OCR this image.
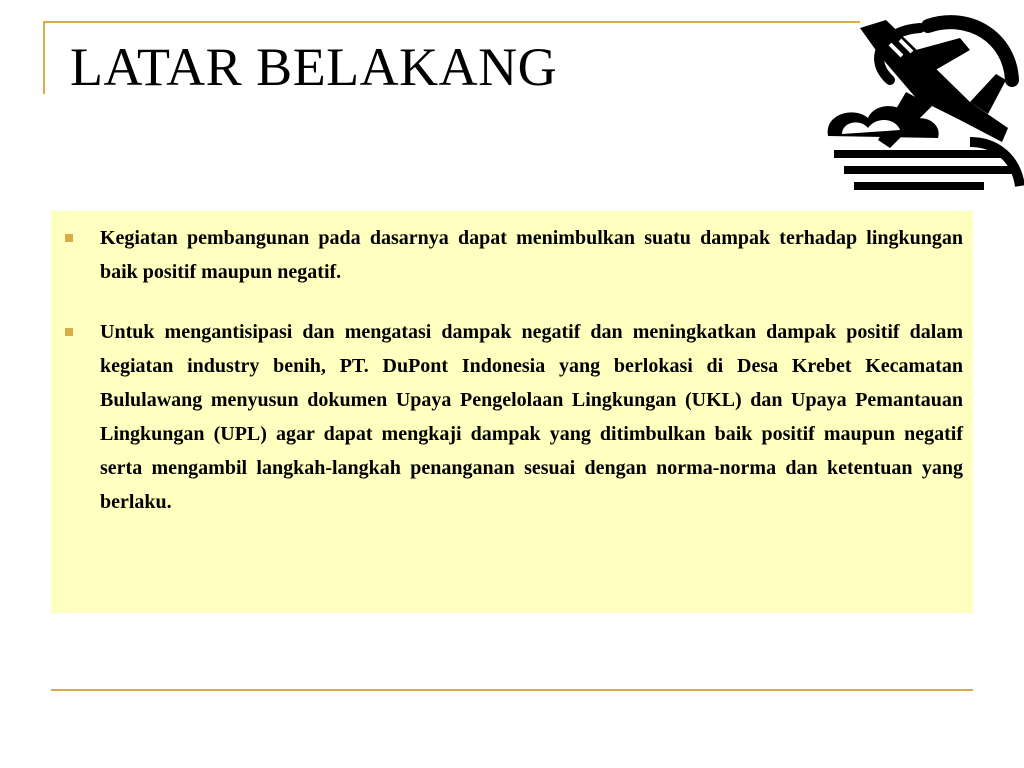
LATAR BELAKANG
Kegiatan pembangunan pada dasarnya dapat menimbulkan suatu dampak terhadap lingkungan baik positif maupun negatif.
Untuk mengantisipasi dan mengatasi dampak negatif dan meningkatkan dampak positif dalam kegiatan industry benih, PT. DuPont Indonesia yang berlokasi di Desa Krebet Kecamatan Bululawang menyusun dokumen Upaya Pengelolaan Lingkungan (UKL) dan Upaya Pemantauan Lingkungan (UPL) agar dapat mengkaji dampak yang ditimbulkan baik positif maupun negatif serta mengambil langkah-langkah penanganan sesuai dengan norma-norma dan ketentuan yang berlaku.
